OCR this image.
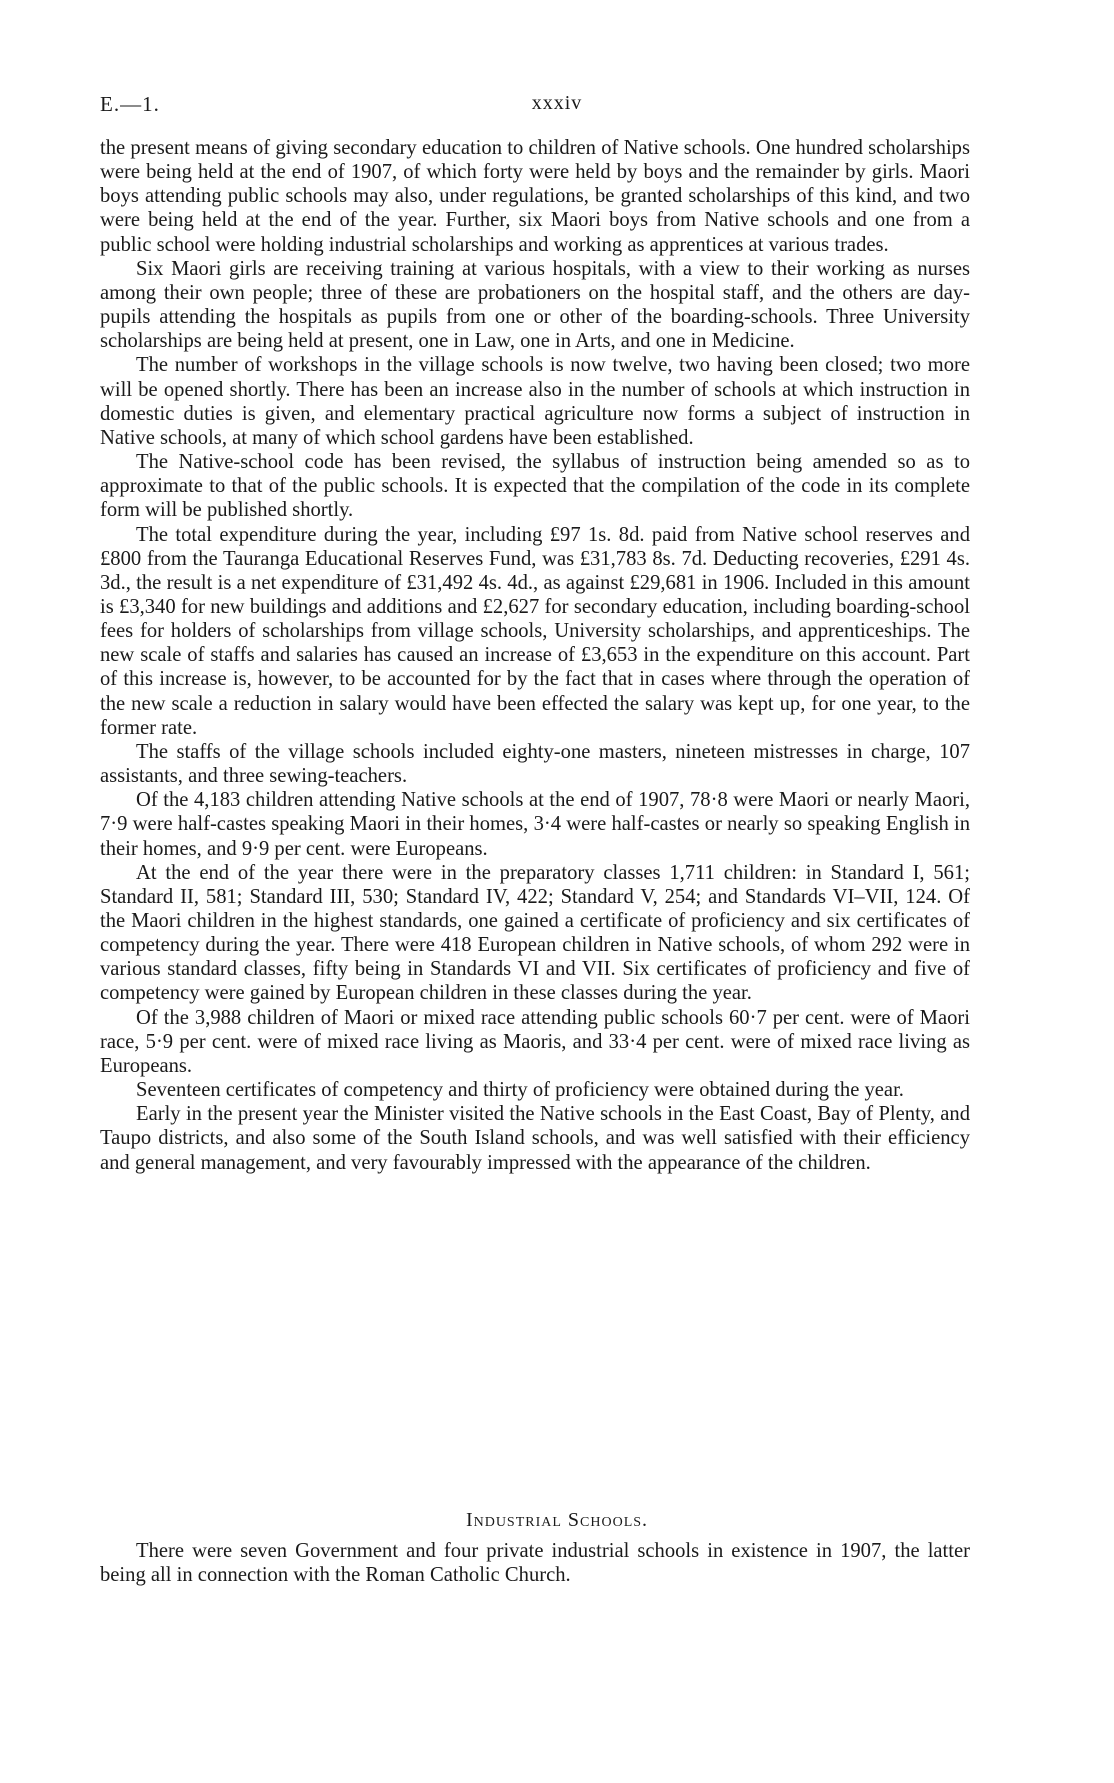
E.—1.	xxxiv

the present means of giving secondary education to children of Native schools. One hundred scholarships were being held at the end of 1907, of which forty were held by boys and the remainder by girls. Maori boys attending public schools may also, under regulations, be granted scholarships of this kind, and two were being held at the end of the year. Further, six Maori boys from Native schools and one from a public school were holding industrial scholarships and working as apprentices at various trades.

Six Maori girls are receiving training at various hospitals, with a view to their working as nurses among their own people; three of these are probationers on the hospital staff, and the others are day-pupils attending the hospitals as pupils from one or other of the boarding-schools. Three University scholarships are being held at present, one in Law, one in Arts, and one in Medicine.

The number of workshops in the village schools is now twelve, two having been closed; two more will be opened shortly. There has been an increase also in the number of schools at which instruction in domestic duties is given, and elementary practical agriculture now forms a subject of instruction in Native schools, at many of which school gardens have been established.

The Native-school code has been revised, the syllabus of instruction being amended so as to approximate to that of the public schools. It is expected that the compilation of the code in its complete form will be published shortly.

The total expenditure during the year, including £97 1s. 8d. paid from Native school reserves and £800 from the Tauranga Educational Reserves Fund, was £31,783 8s. 7d. Deducting recoveries, £291 4s. 3d., the result is a net expenditure of £31,492 4s. 4d., as against £29,681 in 1906. Included in this amount is £3,340 for new buildings and additions and £2,627 for secondary education, including boarding-school fees for holders of scholarships from village schools, University scholarships, and apprenticeships. The new scale of staffs and salaries has caused an increase of £3,653 in the expenditure on this account. Part of this increase is, however, to be accounted for by the fact that in cases where through the operation of the new scale a reduction in salary would have been effected the salary was kept up, for one year, to the former rate.

The staffs of the village schools included eighty-one masters, nineteen mistresses in charge, 107 assistants, and three sewing-teachers.

Of the 4,183 children attending Native schools at the end of 1907, 78·8 were Maori or nearly Maori, 7·9 were half-castes speaking Maori in their homes, 3·4 were half-castes or nearly so speaking English in their homes, and 9·9 per cent. were Europeans.

At the end of the year there were in the preparatory classes 1,711 children: in Standard I, 561; Standard II, 581; Standard III, 530; Standard IV, 422; Standard V, 254; and Standards VI–VII, 124. Of the Maori children in the highest standards, one gained a certificate of proficiency and six certificates of competency during the year. There were 418 European children in Native schools, of whom 292 were in various standard classes, fifty being in Standards VI and VII. Six certificates of proficiency and five of competency were gained by European children in these classes during the year.

Of the 3,988 children of Maori or mixed race attending public schools 60·7 per cent. were of Maori race, 5·9 per cent. were of mixed race living as Maoris, and 33·4 per cent. were of mixed race living as Europeans.

Seventeen certificates of competency and thirty of proficiency were obtained during the year.

Early in the present year the Minister visited the Native schools in the East Coast, Bay of Plenty, and Taupo districts, and also some of the South Island schools, and was well satisfied with their efficiency and general management, and very favourably impressed with the appearance of the children.

Industrial Schools.

There were seven Government and four private industrial schools in existence in 1907, the latter being all in connection with the Roman Catholic Church.
